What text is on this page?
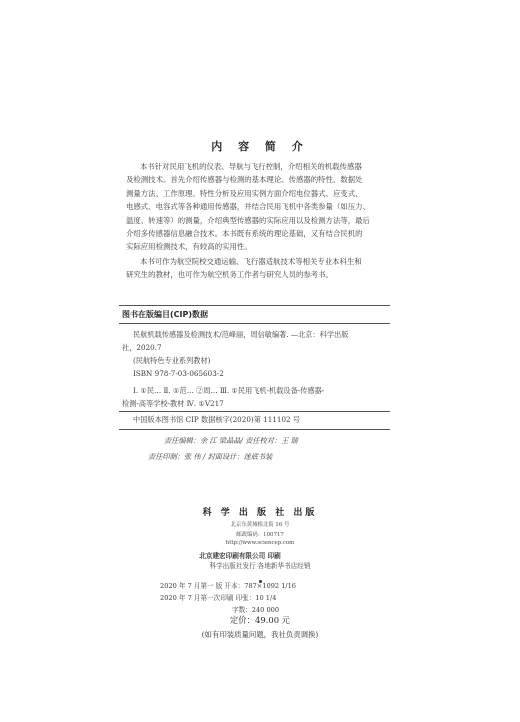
内 容 简 介
本书针对民用飞机的仪表、导航与飞行控制，介绍相关的机载传感器
及检测技术。首先介绍传感器与检测的基本理论、传感器的特性、数据处
测量方法、工作原理、特性分析及应用实例方面介绍电位器式、应变式、
电感式、电容式等各种通用传感器，并结合民用飞机中各类参量（如压力、
温度、转速等）的测量，介绍典型传感器的实际应用以及检测方法等，最后
介绍多传感器信息融合技术。本书既有系统的理论基础，又有结合民机的
实际应用检测技术，有较高的实用性。
本书可作为航空院校交通运输、飞行器适航技术等相关专业本科生和
研究生的教材，也可作为航空机务工作者与研究人员的参考书。
图书在版编目(CIP)数据
民航机载传感器及检测技术/范峰丽，周信敏编著. —北京：科学出版
社，2020.7
(民航特色专业系列教材)
ISBN 978-7-03-065603-2
Ⅰ. ①民… Ⅱ. ①范… ②周… Ⅲ. ①民用飞机-机载设备-传感器-
检测-高等学校-教材 Ⅳ. ①V217
中国版本图书馆 CIP 数据核字(2020)第 111102 号
责任编辑：余 江 梁晶晶/ 责任校对：王 瑞
责任印制：张 伟 / 封面设计：迷底书装
科 学 出 版 社 出版
北京东黄城根北街 16 号
邮政编码：100717
http://www.sciencep.com
北京建宏印刷有限公司 印刷
科学出版社发行 各地新华书店经销
2020 年 7 月第一 版 开本：787×1092 1/16
2020 年 7 月第一次印刷 印张：10 1/4
字数：240 000
定价：49.00 元
(如有印装质量问题，我社负责调换)
